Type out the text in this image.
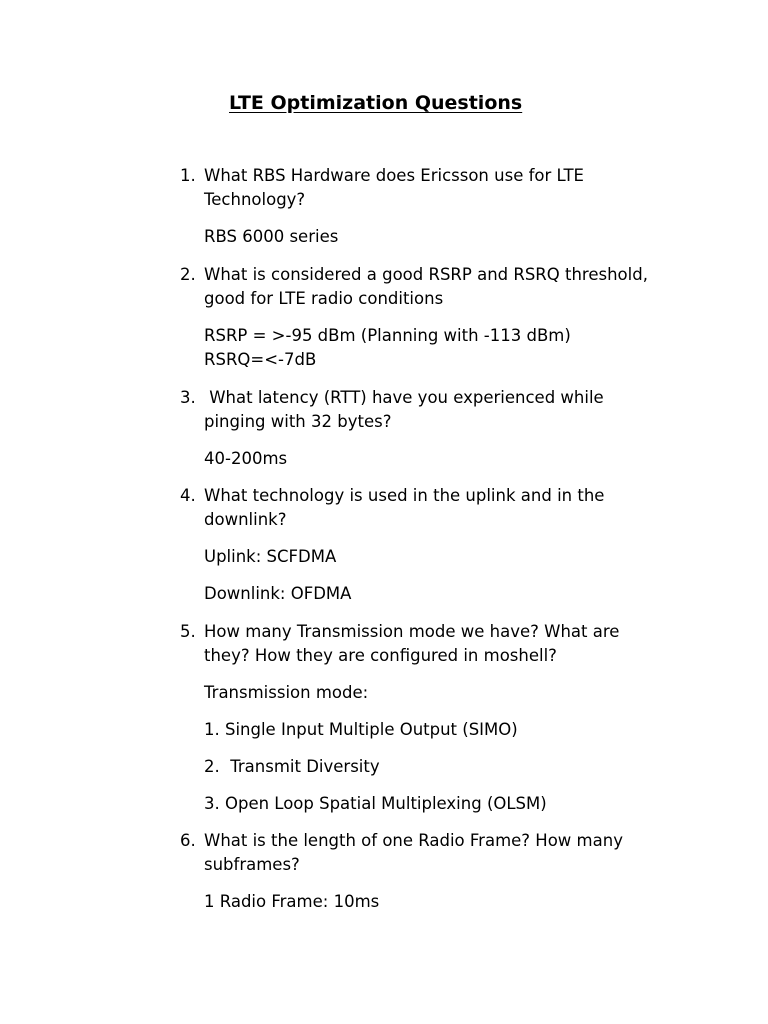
LTE Optimization Questions
1. What RBS Hardware does Ericsson use for LTE
Technology?
RBS 6000 series
2. What is considered a good RSRP and RSRQ threshold,
good for LTE radio conditions
RSRP = >-95 dBm (Planning with -113 dBm)
RSRQ=<-7dB
3. What latency (RTT) have you experienced while
pinging with 32 bytes?
40-200ms
4. What technology is used in the uplink and in the
downlink?
Uplink: SCFDMA
Downlink: OFDMA
5. How many Transmission mode we have? What are
they? How they are configured in moshell?
Transmission mode:
1. Single Input Multiple Output (SIMO)
2.  Transmit Diversity
3. Open Loop Spatial Multiplexing (OLSM)
6. What is the length of one Radio Frame? How many
subframes?
1 Radio Frame: 10ms
